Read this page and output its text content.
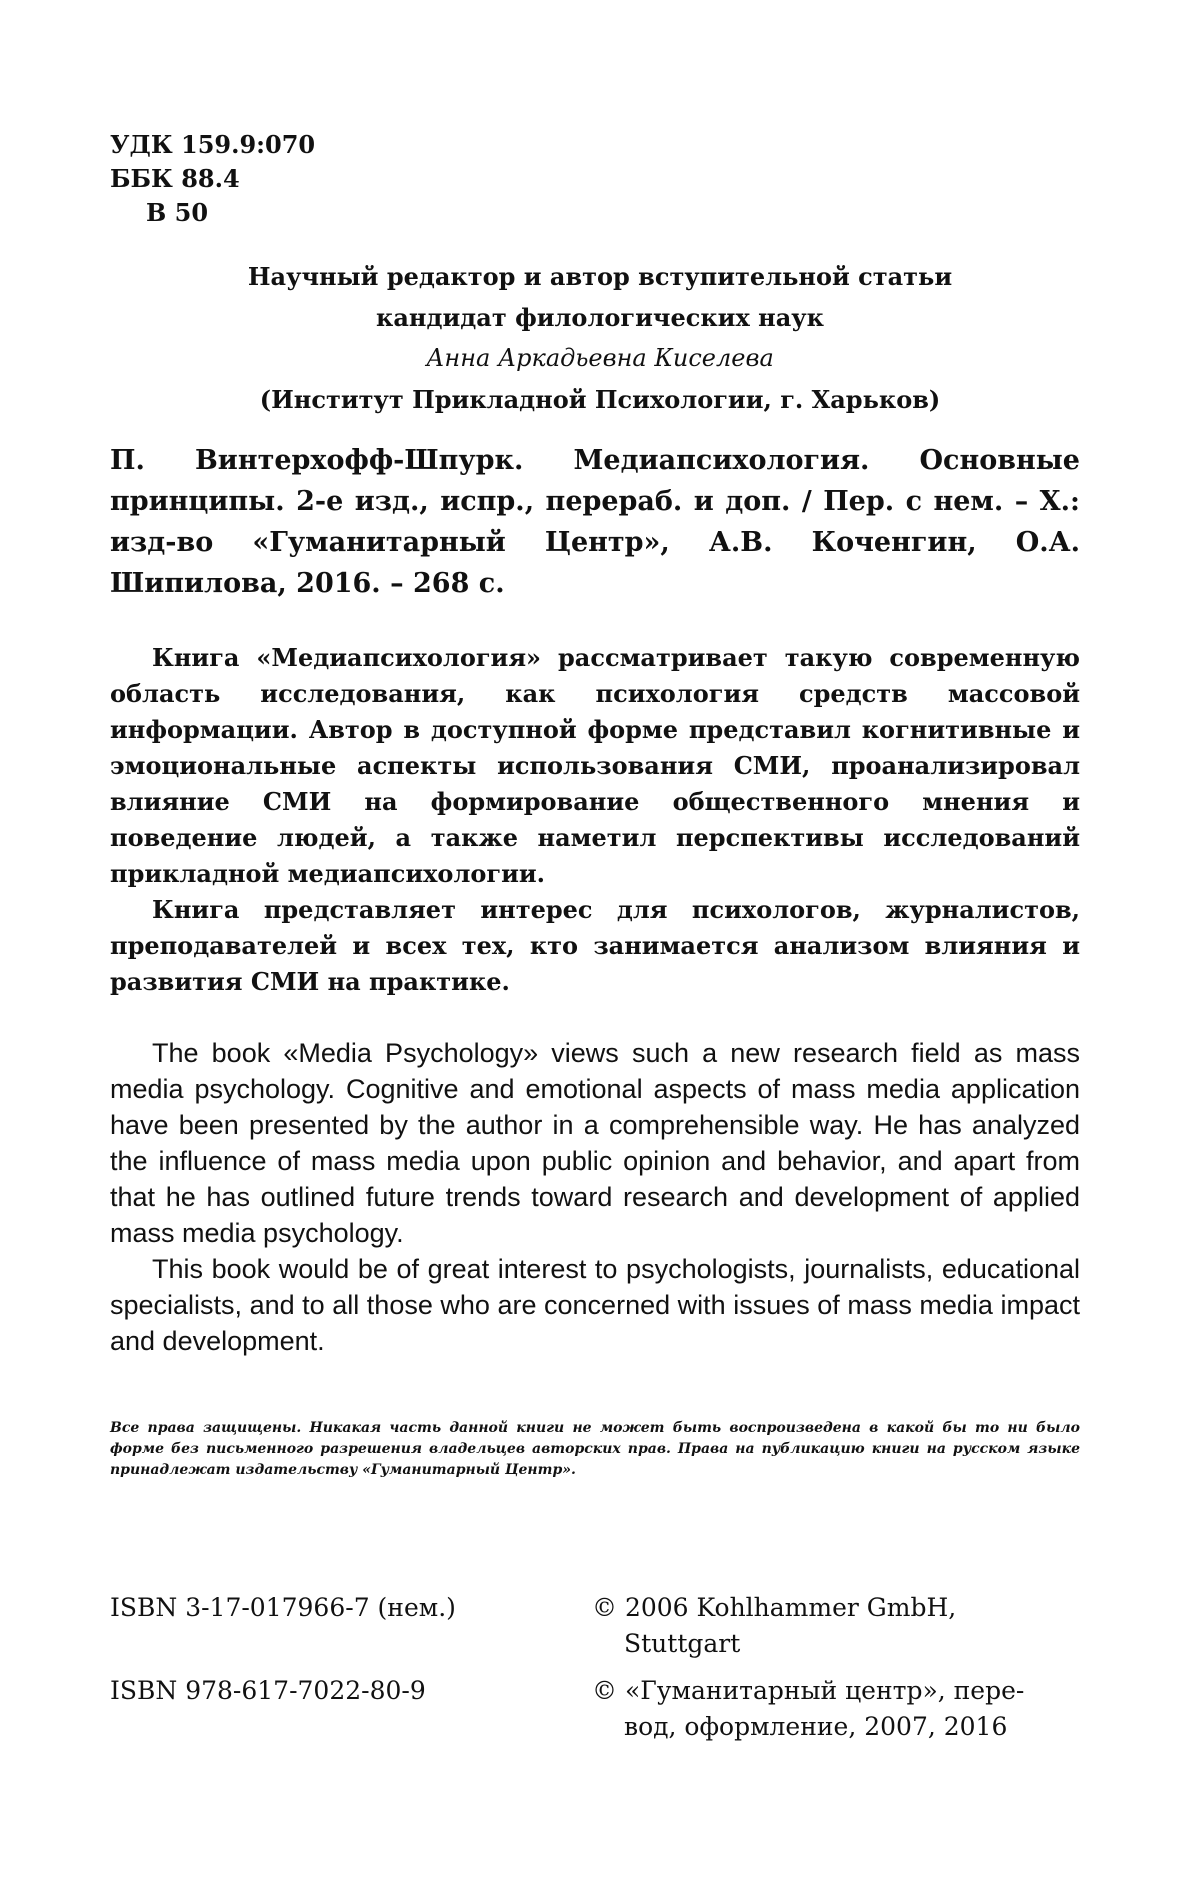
УДК 159.9:070
ББК 88.4
В 50
Научный редактор и автор вступительной статьи
кандидат филологических наук
Анна Аркадьевна Киселева
(Институт Прикладной Психологии, г. Харьков)
П. Винтерхофф-Шпурк. Медиапсихология. Основные принципы. 2-е изд., испр., перераб. и доп. / Пер. с нем. – Х.: изд-во «Гуманитарный Центр», А.В. Коченгин, О.А. Шипилова, 2016. – 268 с.

Книга «Медиапсихология» рассматривает такую современную область исследования, как психология средств массовой информации. Автор в доступной форме представил когнитивные и эмоциональные аспекты использования СМИ, проанализировал влияние СМИ на формирование общественного мнения и поведение людей, а также наметил перспективы исследований прикладной медиапсихологии.

Книга представляет интерес для психологов, журналистов, преподавателей и всех тех, кто занимается анализом влияния и развития СМИ на практике.

The book «Media Psychology» views such a new research field as mass media psychology. Cognitive and emotional aspects of mass media application have been presented by the author in a comprehensible way. He has analyzed the influence of mass media upon public opinion and behavior, and apart from that he has outlined future trends toward research and development of applied mass media psychology.

This book would be of great interest to psychologists, journalists, educational specialists, and to all those who are concerned with issues of mass media impact and development.

Все права защищены. Никакая часть данной книги не может быть воспроизведена в какой бы то ни было форме без письменного разрешения владельцев авторских прав. Права на публикацию книги на русском языке принадлежат издательству «Гуманитарный Центр».
ISBN 3-17-017966-7 (нем.)
ISBN 978-617-7022-80-9
© 2006 Kohlhammer GmbH,
Stuttgart
© «Гуманитарный центр», пере-
вод, оформление, 2007, 2016
